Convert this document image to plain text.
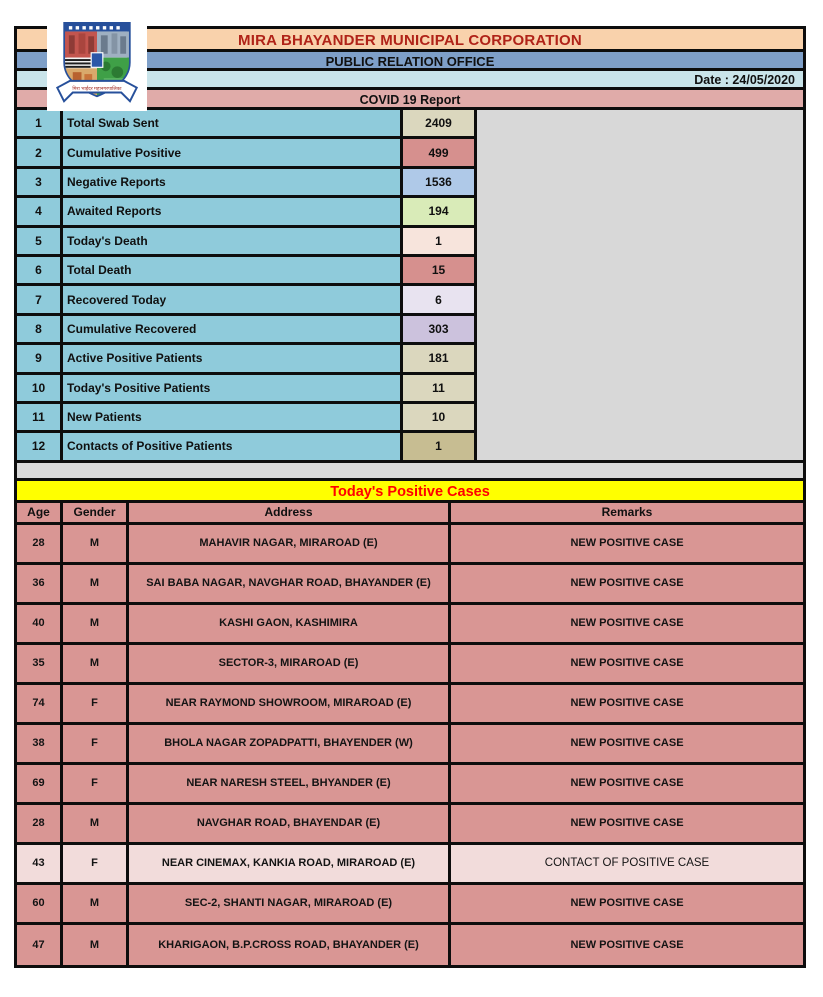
मिरा भाईंदर महानगरपालिका
MIRA BHAYANDER MUNICIPAL CORPORATION
PUBLIC RELATION OFFICE
Date : 24/05/2020
COVID 19 Report
1	Total Swab Sent	2409
2	Cumulative Positive	499
3	Negative Reports	1536
4	Awaited Reports	194
5	Today's Death	1
6	Total Death	15
7	Recovered Today	6
8	Cumulative Recovered	303
9	Active Positive Patients	181
10	Today's Positive Patients	11
11	New Patients	10
12	Contacts of Positive Patients	1
Today's Positive Cases
Age	Gender	Address	Remarks
28	M	MAHAVIR NAGAR, MIRAROAD (E)	NEW POSITIVE CASE
36	M	SAI BABA NAGAR, NAVGHAR ROAD, BHAYANDER (E)	NEW POSITIVE CASE
40	M	KASHI GAON, KASHIMIRA	NEW POSITIVE CASE
35	M	SECTOR-3, MIRAROAD (E)	NEW POSITIVE CASE
74	F	NEAR RAYMOND SHOWROOM, MIRAROAD (E)	NEW POSITIVE CASE
38	F	BHOLA NAGAR ZOPADPATTI, BHAYENDER (W)	NEW POSITIVE CASE
69	F	NEAR NARESH STEEL, BHYANDER (E)	NEW POSITIVE CASE
28	M	NAVGHAR ROAD, BHAYENDAR (E)	NEW POSITIVE CASE
43	F	NEAR CINEMAX, KANKIA ROAD, MIRAROAD (E)	CONTACT OF POSITIVE CASE
60	M	SEC-2, SHANTI NAGAR, MIRAROAD (E)	NEW POSITIVE CASE
47	M	KHARIGAON, B.P.CROSS ROAD, BHAYANDER (E)	NEW POSITIVE CASE
